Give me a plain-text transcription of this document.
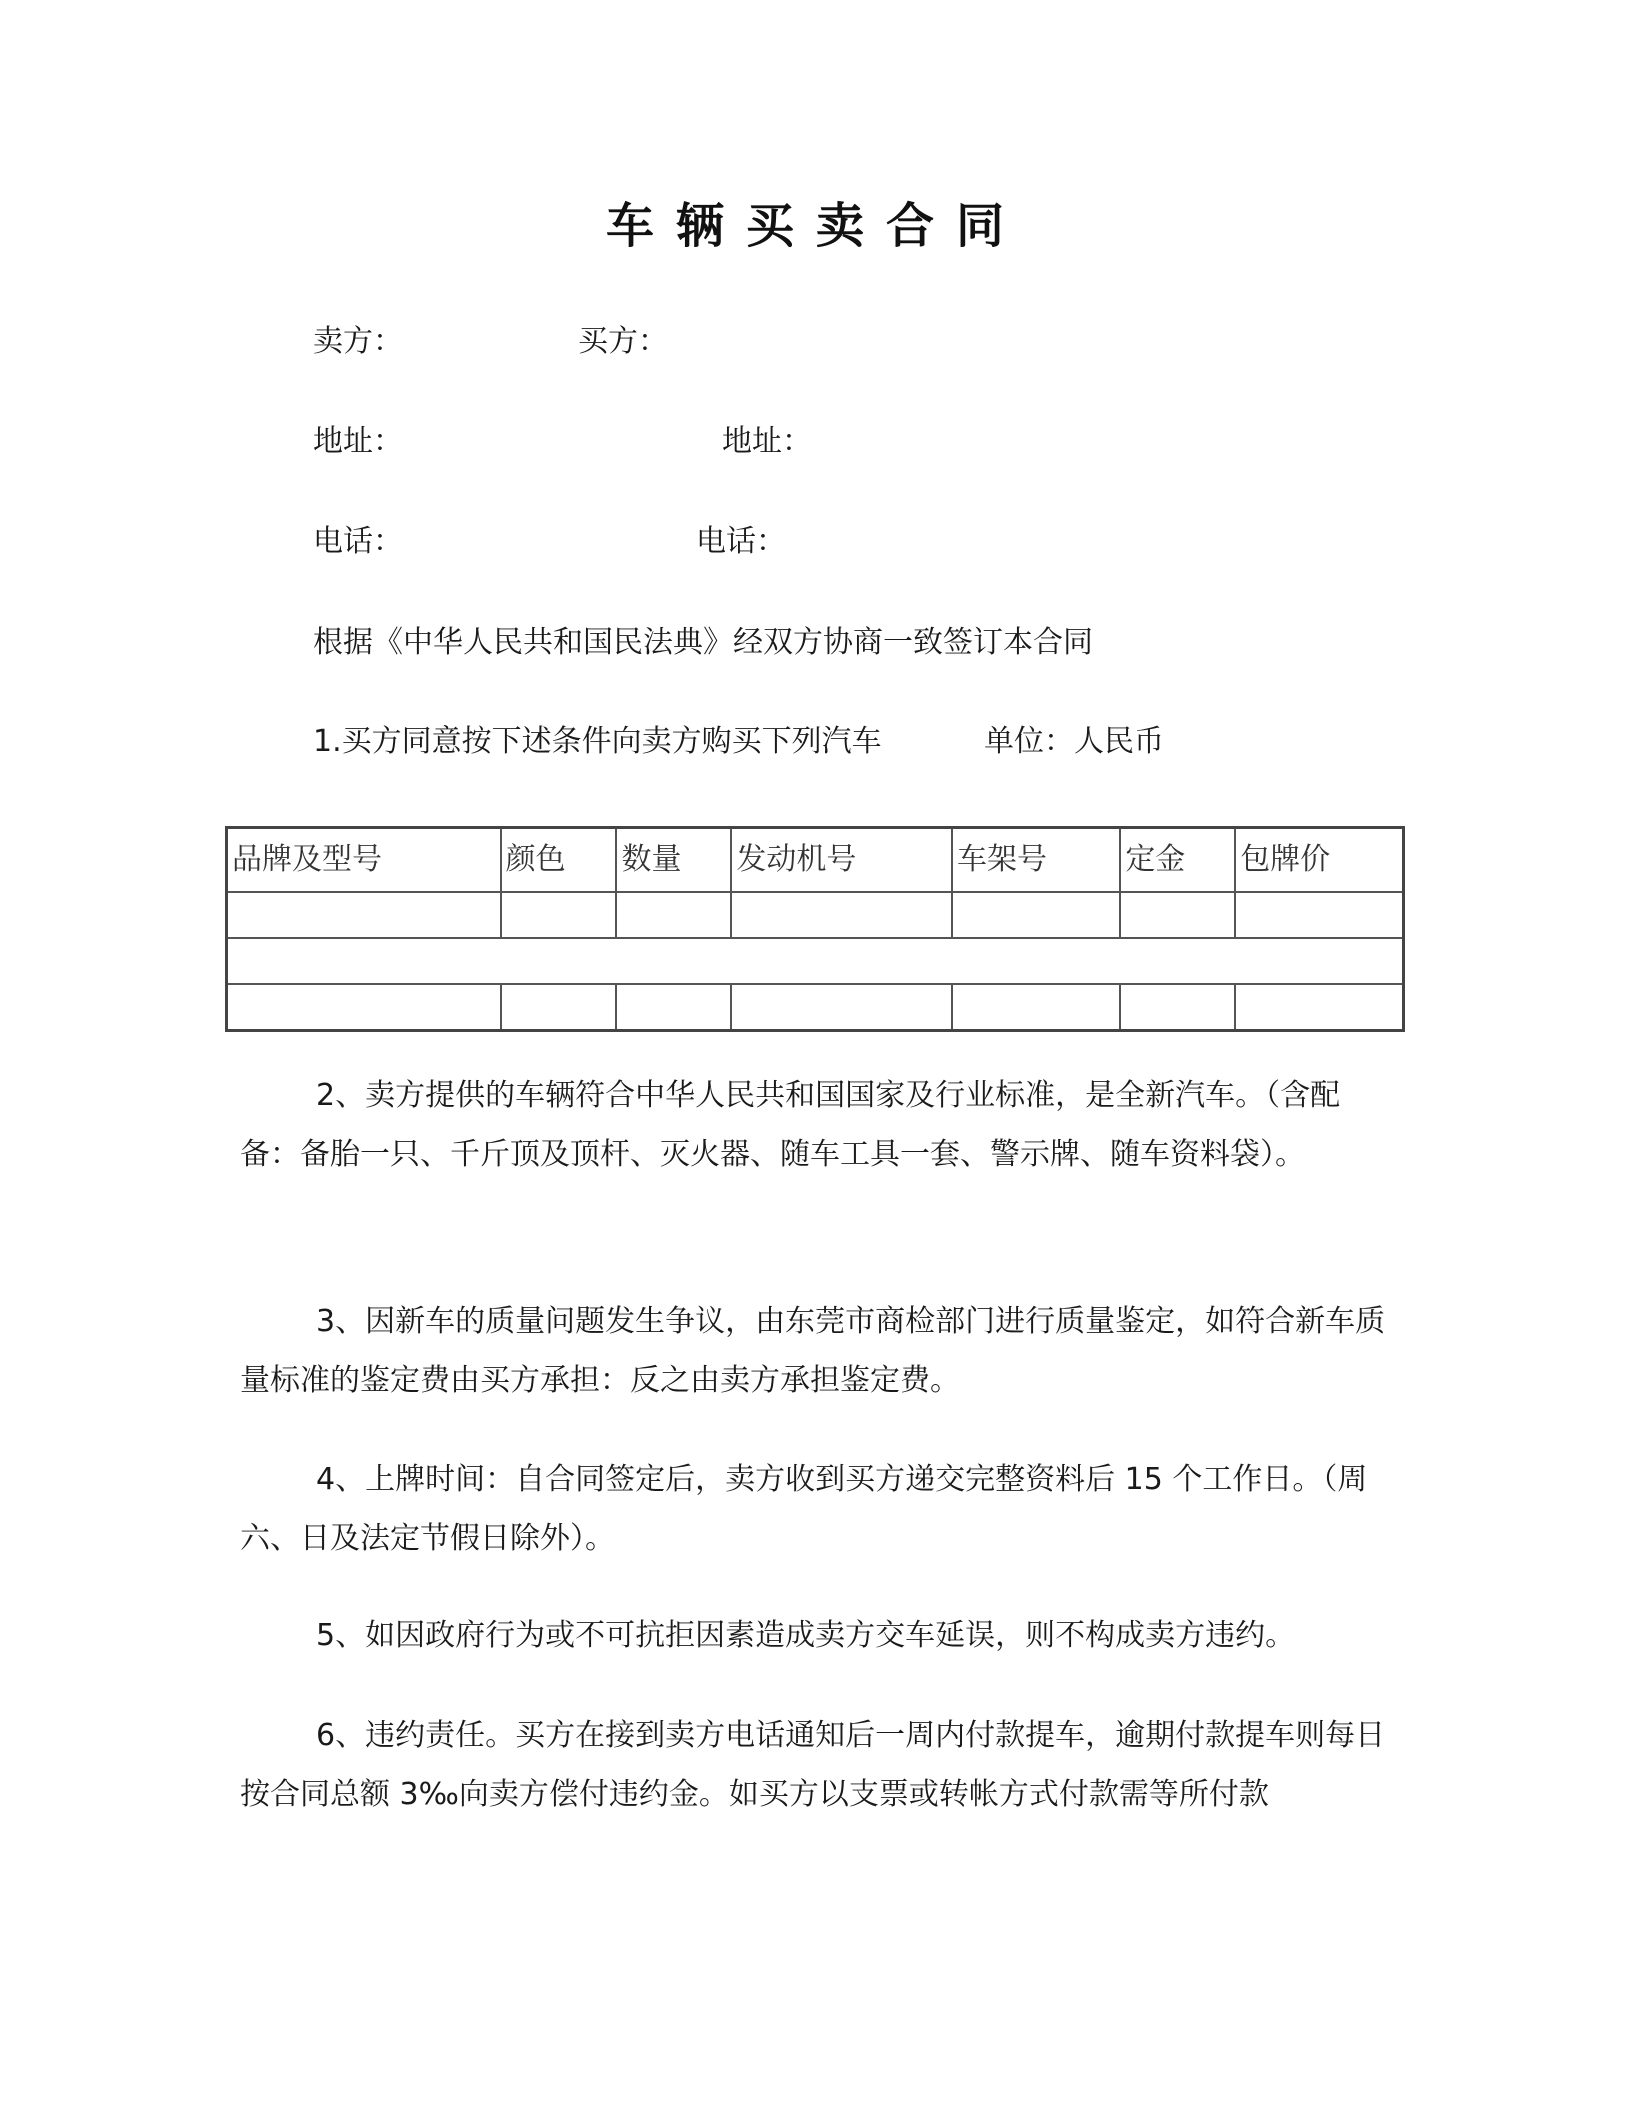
车辆买卖合同
卖方：	买方：
地址：	地址：
电话：	电话：
根据《中华人民共和国民法典》经双方协商一致签订本合同
1.买方同意按下述条件向卖方购买下列汽车	单位：人民币
品牌及型号	颜色	数量	发动机号	车架号	定金	包牌价

2、卖方提供的车辆符合中华人民共和国国家及行业标准，是全新汽车。（含配备：备胎一只、千斤顶及顶杆、灭火器、随车工具一套、警示牌、随车资料袋）。
3、因新车的质量问题发生争议，由东莞市商检部门进行质量鉴定，如符合新车质量标准的鉴定费由买方承担：反之由卖方承担鉴定费。
4、上牌时间：自合同签定后，卖方收到买方递交完整资料后 15 个工作日。（周六、日及法定节假日除外）。
5、如因政府行为或不可抗拒因素造成卖方交车延误，则不构成卖方违约。
6、违约责任。买方在接到卖方电话通知后一周内付款提车，逾期付款提车则每日按合同总额 3‰向卖方偿付违约金。如买方以支票或转帐方式付款需等所付款
